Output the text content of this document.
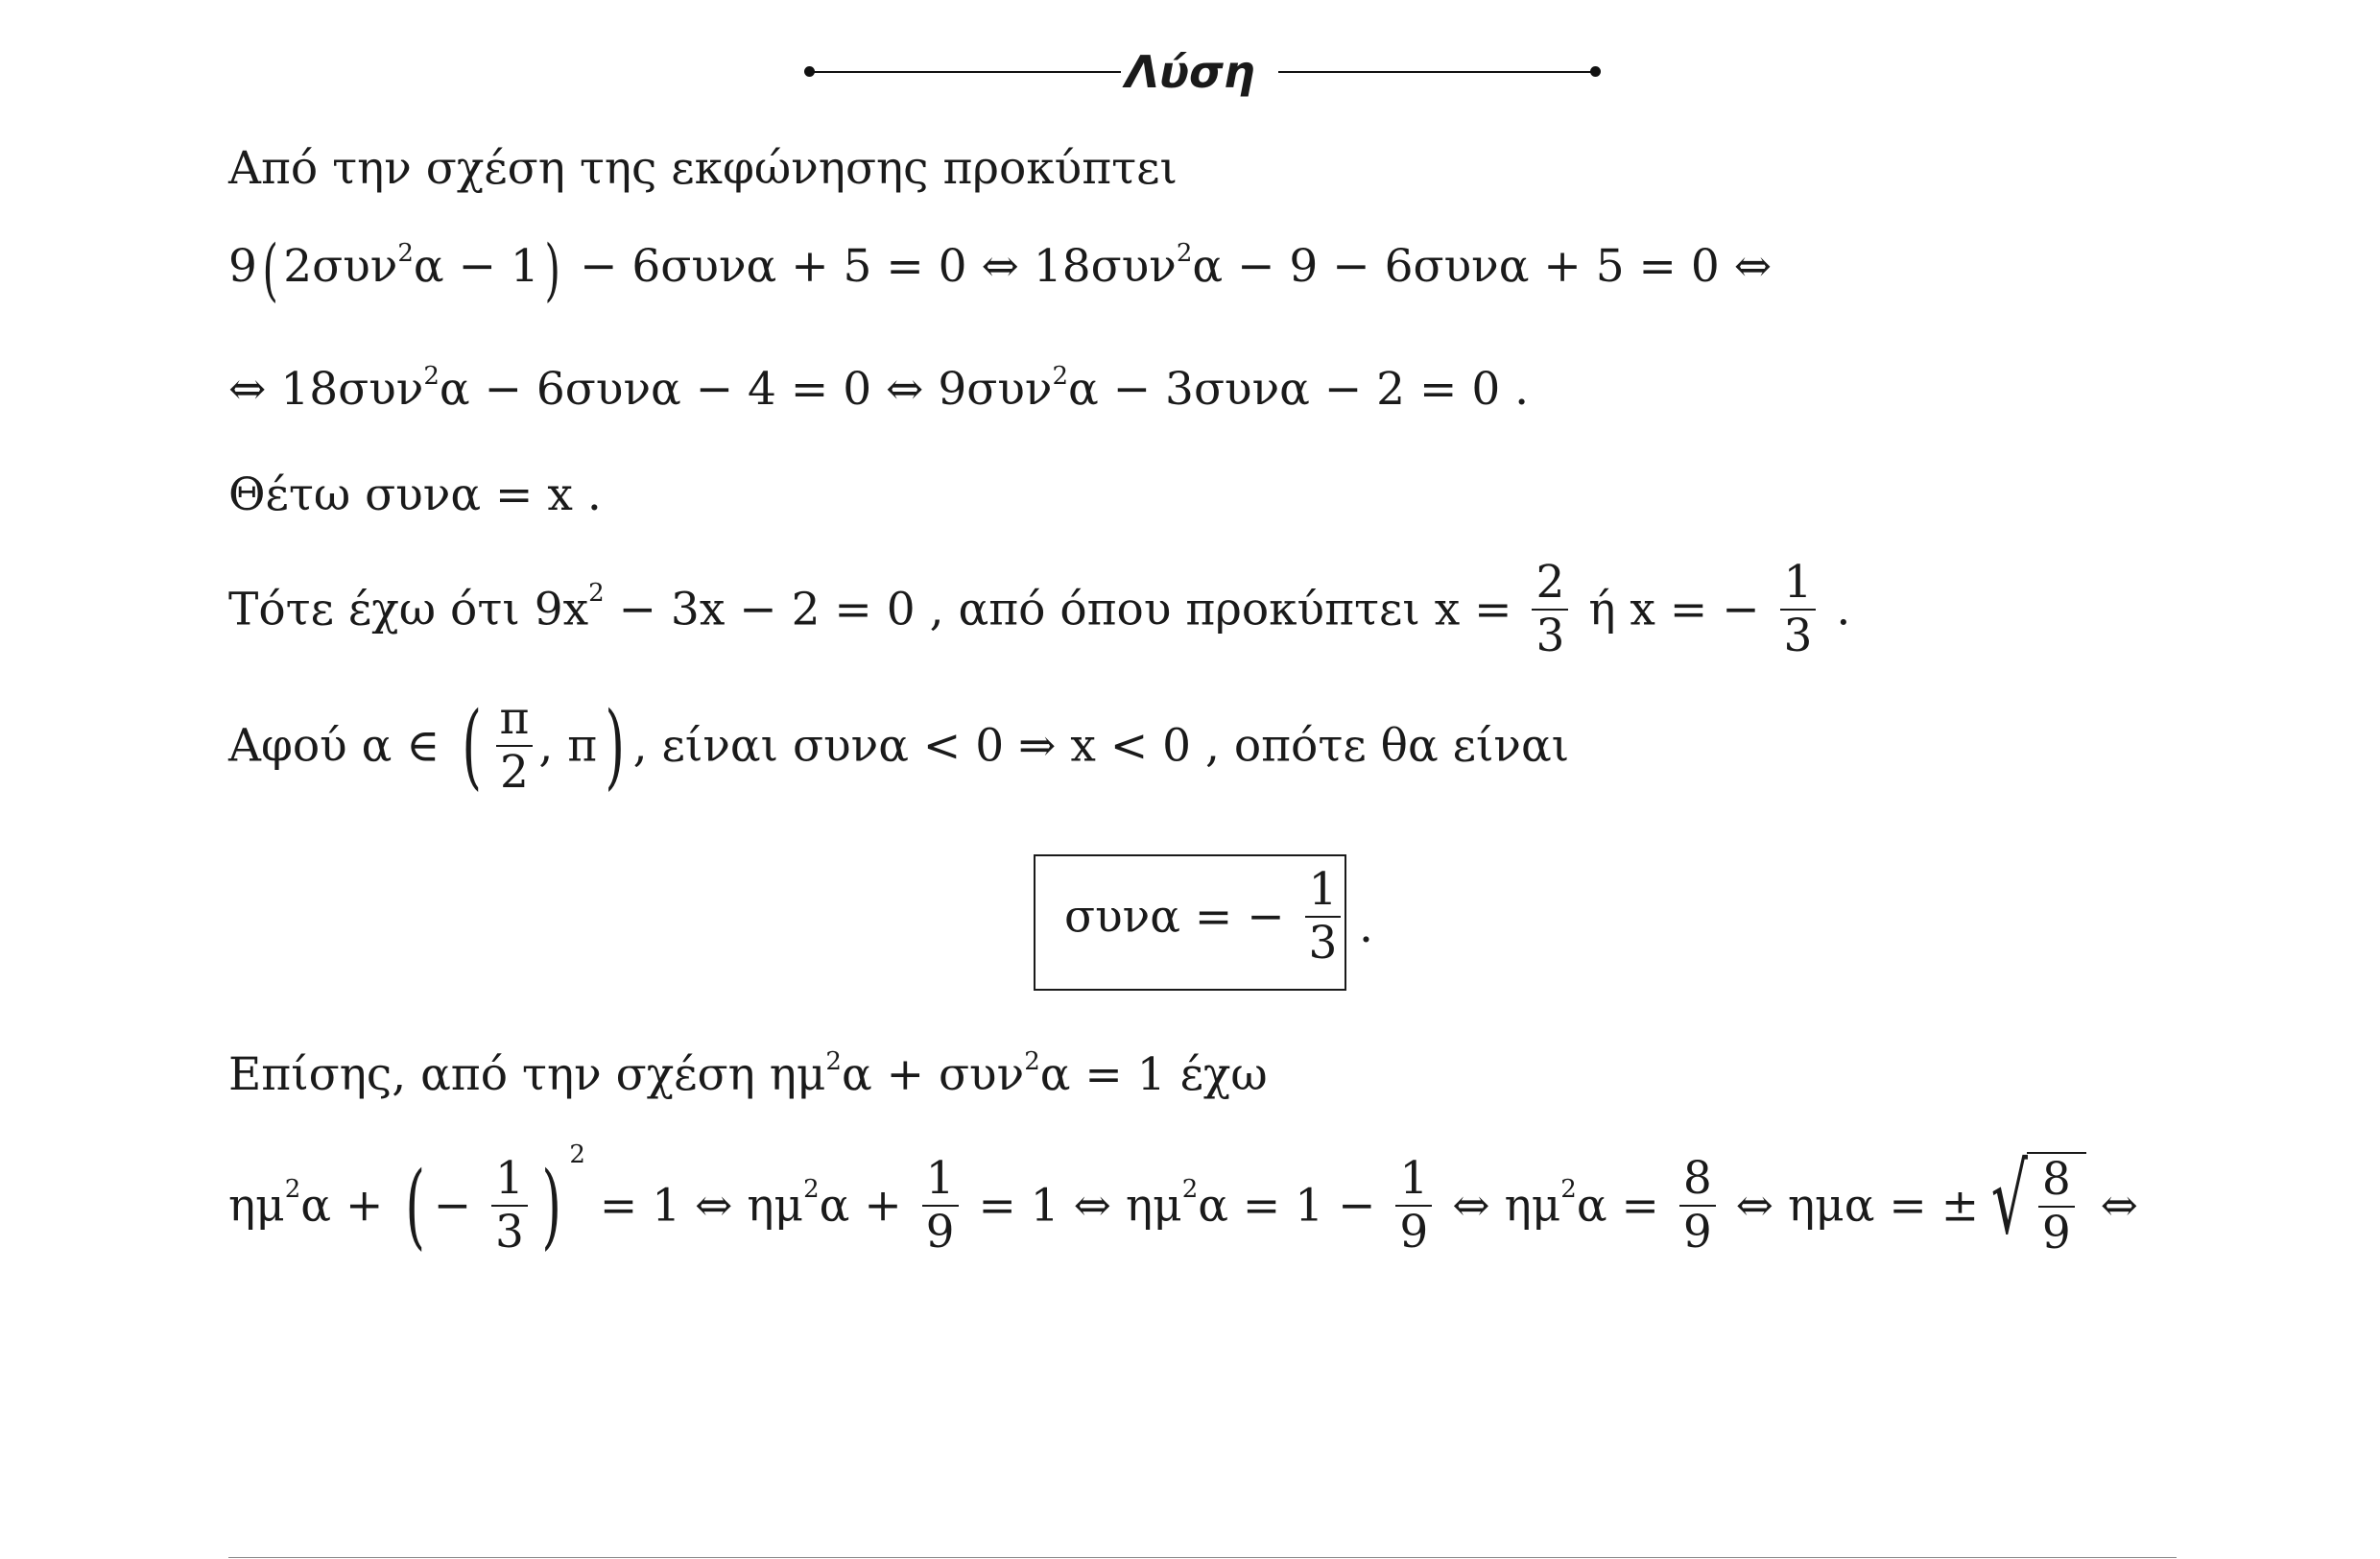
Λύση
Από την σχέση της εκφώνησης προκύπτει
9( 2συν$^2$α − 1) − 6συνα + 5 = 0 ⇔ 18συν$^2$α − 9 − 6συνα + 5 = 0 ⇔
⇔ 18συν$^2$α − 6συνα − 4 = 0 ⇔ 9συν$^2$α − 3συνα − 2 = 0 .
Θέτω συνα = x .
Τότε έχω ότι $9x^2 - 3x - 2 = 0$ , από όπου προκύπτει $x = \frac{2}{3}$ ή x = − $\frac{1}{3}$ .
Αφού α ∈ ( $\frac{\pi}{2}$ , π) , είναι συνα < 0 ⇒ x < 0 , οπότε θα είναι
συνα = − $\frac{1}{3}$ .
Επίσης, από την σχέση $\eta\mu^2\alpha + \sigma\upsilon\nu^2\alpha = 1$ έχω
$\eta\mu^2\alpha$ + ( − $\frac{1}{3}$ ) $^2$ = 1 ⇔ $\eta\mu^2\alpha + \frac{1}{9} = 1$ ⇔ $\eta\mu^2\alpha = 1 - \frac{1}{9}$ ⇔ $\eta\mu^2\alpha = \frac{8}{9}$ ⇔ ημα = ± √ $\frac{8}{9}$ ⇔
